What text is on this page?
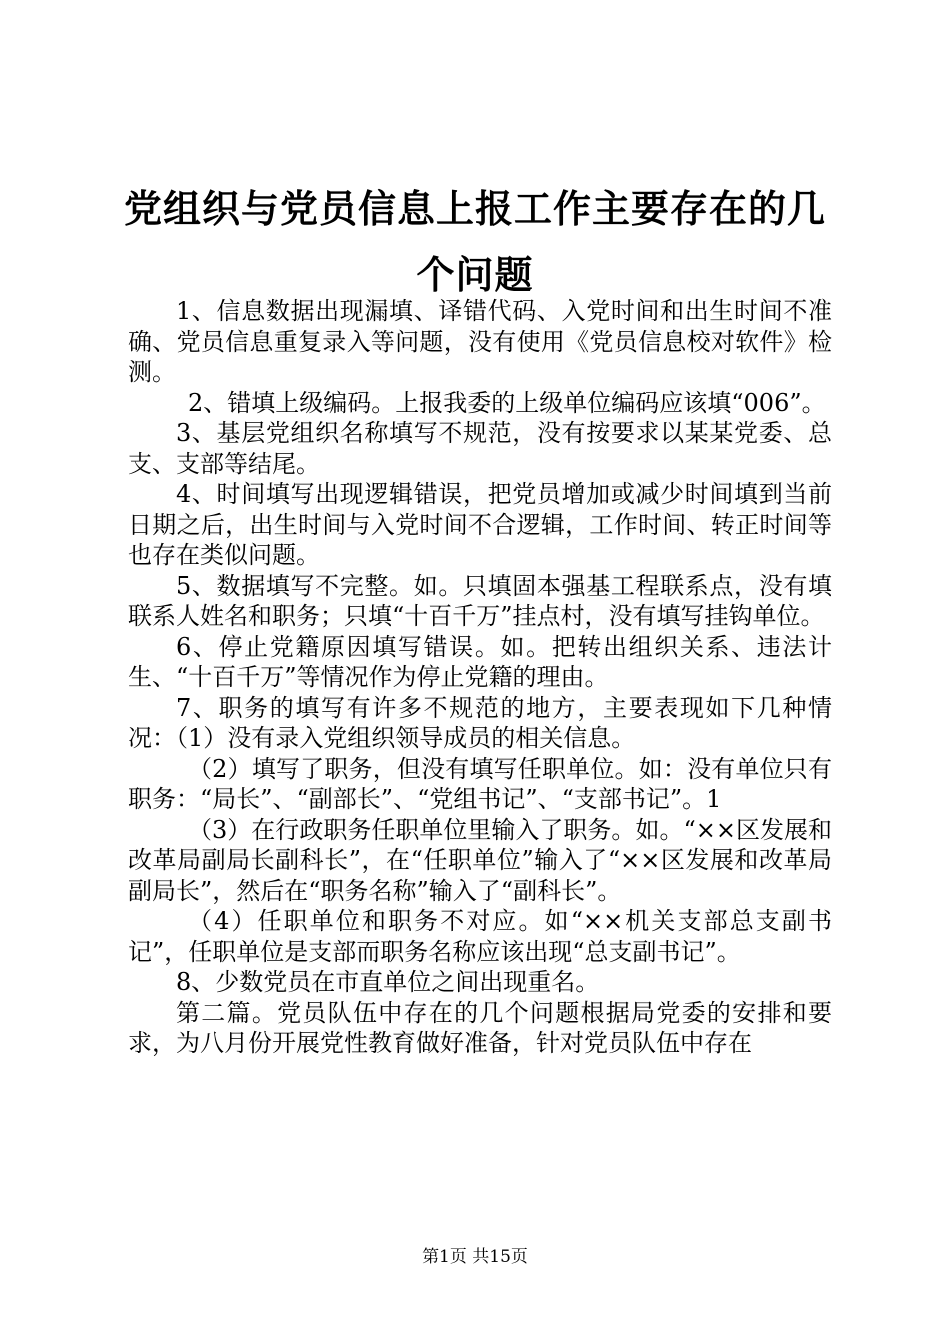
党组织与党员信息上报工作主要存在的几个问题

1、信息数据出现漏填、译错代码、入党时间和出生时间不准确、党员信息重复录入等问题，没有使用《党员信息校对软件》检测。

2、错填上级编码。上报我委的上级单位编码应该填“006”。

3、基层党组织名称填写不规范，没有按要求以某某党委、总支、支部等结尾。

4、时间填写出现逻辑错误，把党员增加或减少时间填到当前日期之后，出生时间与入党时间不合逻辑，工作时间、转正时间等也存在类似问题。

5、数据填写不完整。如。只填固本强基工程联系点，没有填联系人姓名和职务；只填“十百千万”挂点村，没有填写挂钩单位。

6、停止党籍原因填写错误。如。把转出组织关系、违法计生、“十百千万”等情况作为停止党籍的理由。

7、职务的填写有许多不规范的地方，主要表现如下几种情况：（1）没有录入党组织领导成员的相关信息。

（2）填写了职务，但没有填写任职单位。如：没有单位只有职务：“局长”、“副部长”、“党组书记”、“支部书记”。1

（3）在行政职务任职单位里输入了职务。如。“××区发展和改革局副局长副科长”，在“任职单位”输入了“××区发展和改革局副局长”，然后在“职务名称”输入了“副科长”。

（4）任职单位和职务不对应。如“××机关支部总支副书记”，任职单位是支部而职务名称应该出现“总支副书记”。

8、少数党员在市直单位之间出现重名。

第二篇。党员队伍中存在的几个问题根据局党委的安排和要求，为八月份开展党性教育做好准备，针对党员队伍中存在

第1页 共15页
